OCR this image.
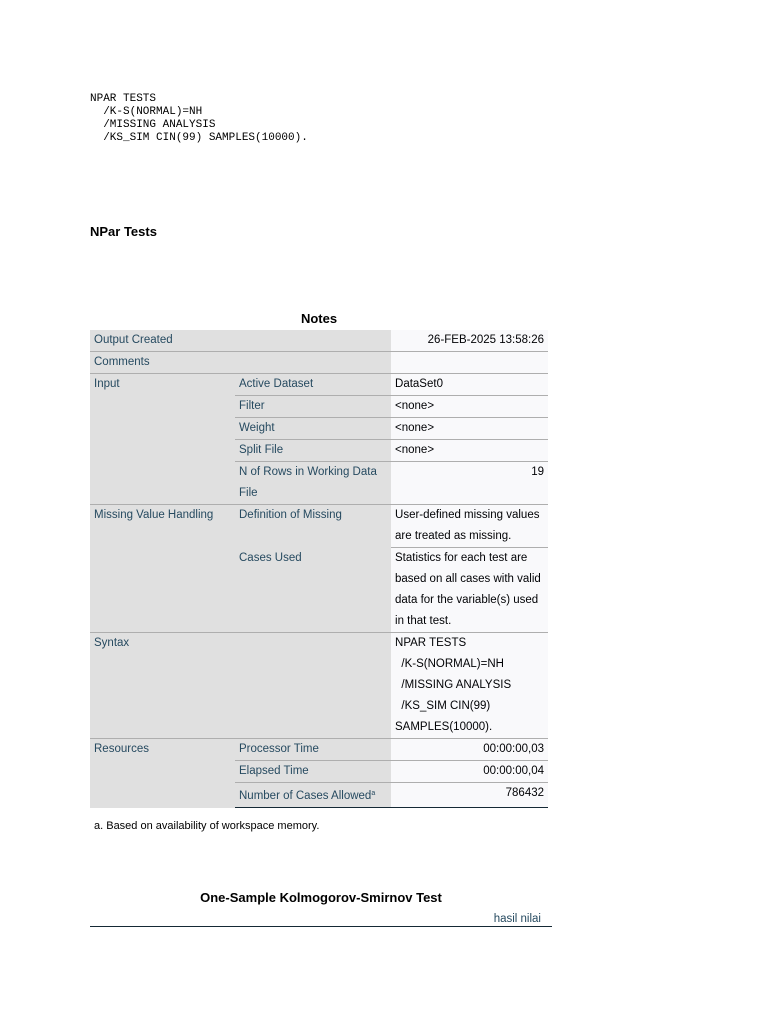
NPAR TESTS
/K-S(NORMAL)=NH
/MISSING ANALYSIS
/KS_SIM CIN(99) SAMPLES(10000).
NPar Tests
Notes
Output Created		26-FEB-2025 13:58:26
Comments		
Input	Active Dataset	DataSet0
	Filter	<none>
	Weight	<none>
	Split File	<none>
	N of Rows in Working Data File	19
Missing Value Handling	Definition of Missing	User-defined missing values are treated as missing.
	Cases Used	Statistics for each test are based on all cases with valid data for the variable(s) used in that test.
Syntax		NPAR TESTS
/K-S(NORMAL)=NH
/MISSING ANALYSIS
/KS_SIM CIN(99) SAMPLES(10000).
Resources	Processor Time	00:00:00,03
	Elapsed Time	00:00:00,04
	Number of Cases Allowed$^a$	786432
a. Based on availability of workspace memory.
One-Sample Kolmogorov-Smirnov Test
hasil nilai
